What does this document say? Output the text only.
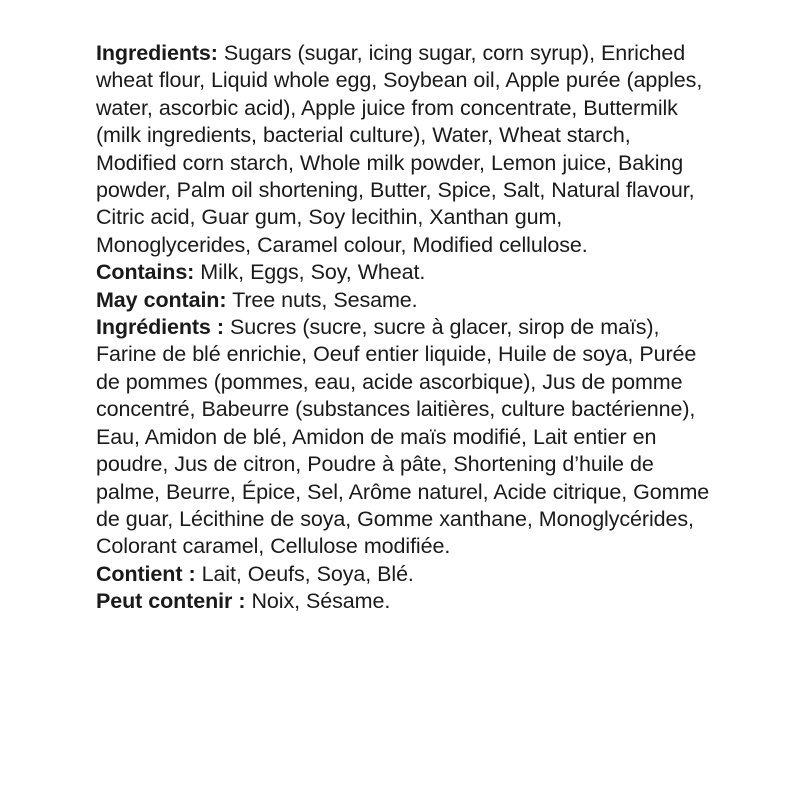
Ingredients: Sugars (sugar, icing sugar, corn syrup), Enriched wheat flour, Liquid whole egg, Soybean oil, Apple purée (apples, water, ascorbic acid), Apple juice from concentrate, Buttermilk (milk ingredients, bacterial culture), Water, Wheat starch, Modified corn starch, Whole milk powder, Lemon juice, Baking powder, Palm oil shortening, Butter, Spice, Salt, Natural flavour, Citric acid, Guar gum, Soy lecithin, Xanthan gum, Monoglycerides, Caramel colour, Modified cellulose.
Contains: Milk, Eggs, Soy, Wheat.
May contain: Tree nuts, Sesame.
Ingrédients : Sucres (sucre, sucre à glacer, sirop de maïs), Farine de blé enrichie, Oeuf entier liquide, Huile de soya, Purée de pommes (pommes, eau, acide ascorbique), Jus de pomme concentré, Babeurre (substances laitières, culture bactérienne), Eau, Amidon de blé, Amidon de maïs modifié, Lait entier en poudre, Jus de citron, Poudre à pâte, Shortening d’huile de palme, Beurre, Épice, Sel, Arôme naturel, Acide citrique, Gomme de guar, Lécithine de soya, Gomme xanthane, Monoglycérides, Colorant caramel, Cellulose modifiée.
Contient : Lait, Oeufs, Soya, Blé.
Peut contenir : Noix, Sésame.
